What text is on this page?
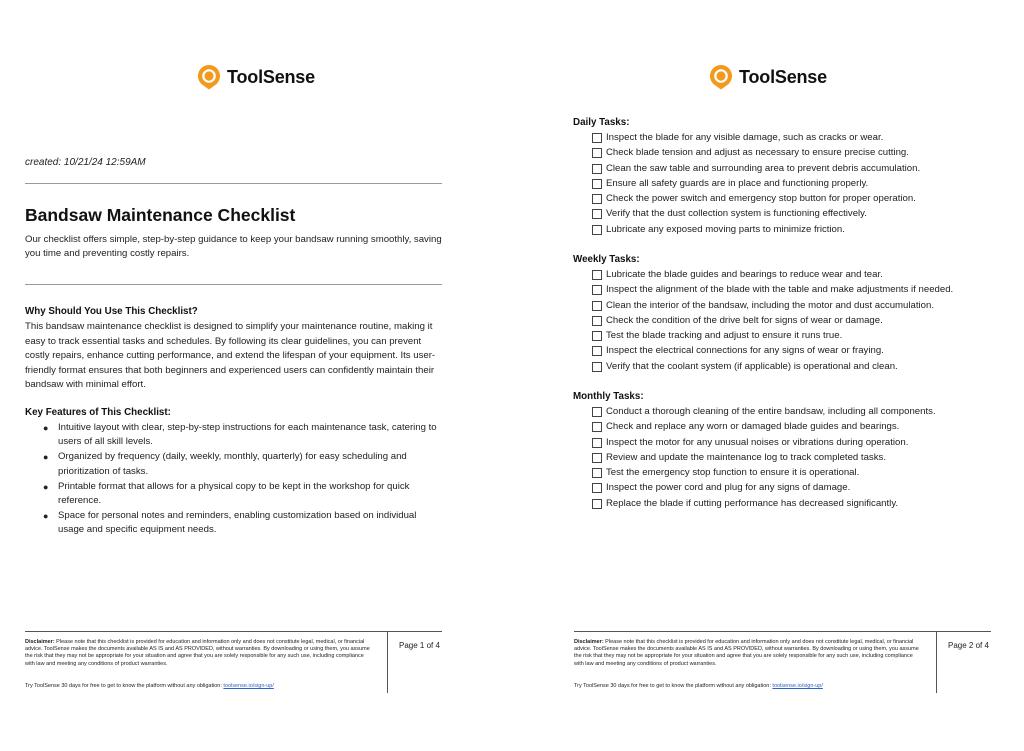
ToolSense

created: 10/21/24 12:59AM

Bandsaw Maintenance Checklist

Our checklist offers simple, step-by-step guidance to keep your bandsaw running smoothly, saving you time and preventing costly repairs.

Why Should You Use This Checklist?

This bandsaw maintenance checklist is designed to simplify your maintenance routine, making it easy to track essential tasks and schedules. By following its clear guidelines, you can prevent costly repairs, enhance cutting performance, and extend the lifespan of your equipment. Its user-friendly format ensures that both beginners and experienced users can confidently maintain their bandsaw with minimal effort.

Key Features of This Checklist:
● Intuitive layout with clear, step-by-step instructions for each maintenance task, catering to users of all skill levels.
● Organized by frequency (daily, weekly, monthly, quarterly) for easy scheduling and prioritization of tasks.
● Printable format that allows for a physical copy to be kept in the workshop for quick reference.
● Space for personal notes and reminders, enabling customization based on individual usage and specific equipment needs.

Disclaimer: Please note that this checklist is provided for education and information only and does not constitute legal, medical, or financial advice. ToolSense makes the documents available AS IS and AS PROVIDED, without warranties. By downloading or using them, you assume the risk that they may not be appropriate for your situation and agree that you are solely responsible for any such use, including compliance with law and meeting any conditions of product warranties.

Try ToolSense 30 days for free to get to know the platform without any obligation: toolsense.io/sign-up/

Page 1 of 4

ToolSense
Daily Tasks:
Inspect the blade for any visible damage, such as cracks or wear.
Check blade tension and adjust as necessary to ensure precise cutting.
Clean the saw table and surrounding area to prevent debris accumulation.
Ensure all safety guards are in place and functioning properly.
Check the power switch and emergency stop button for proper operation.
Verify that the dust collection system is functioning effectively.
Lubricate any exposed moving parts to minimize friction.
Weekly Tasks:
Lubricate the blade guides and bearings to reduce wear and tear.
Inspect the alignment of the blade with the table and make adjustments if needed.
Clean the interior of the bandsaw, including the motor and dust accumulation.
Check the condition of the drive belt for signs of wear or damage.
Test the blade tracking and adjust to ensure it runs true.
Inspect the electrical connections for any signs of wear or fraying.
Verify that the coolant system (if applicable) is operational and clean.
Monthly Tasks:
Conduct a thorough cleaning of the entire bandsaw, including all components.
Check and replace any worn or damaged blade guides and bearings.
Inspect the motor for any unusual noises or vibrations during operation.
Review and update the maintenance log to track completed tasks.
Test the emergency stop function to ensure it is operational.
Inspect the power cord and plug for any signs of damage.
Replace the blade if cutting performance has decreased significantly.

Disclaimer: Please note that this checklist is provided for education and information only and does not constitute legal, medical, or financial advice. ToolSense makes the documents available AS IS and AS PROVIDED, without warranties. By downloading or using them, you assume the risk that they may not be appropriate for your situation and agree that you are solely responsible for any such use, including compliance with law and meeting any conditions of product warranties.

Try ToolSense 30 days for free to get to know the platform without any obligation: toolsense.io/sign-up/

Page 2 of 4
